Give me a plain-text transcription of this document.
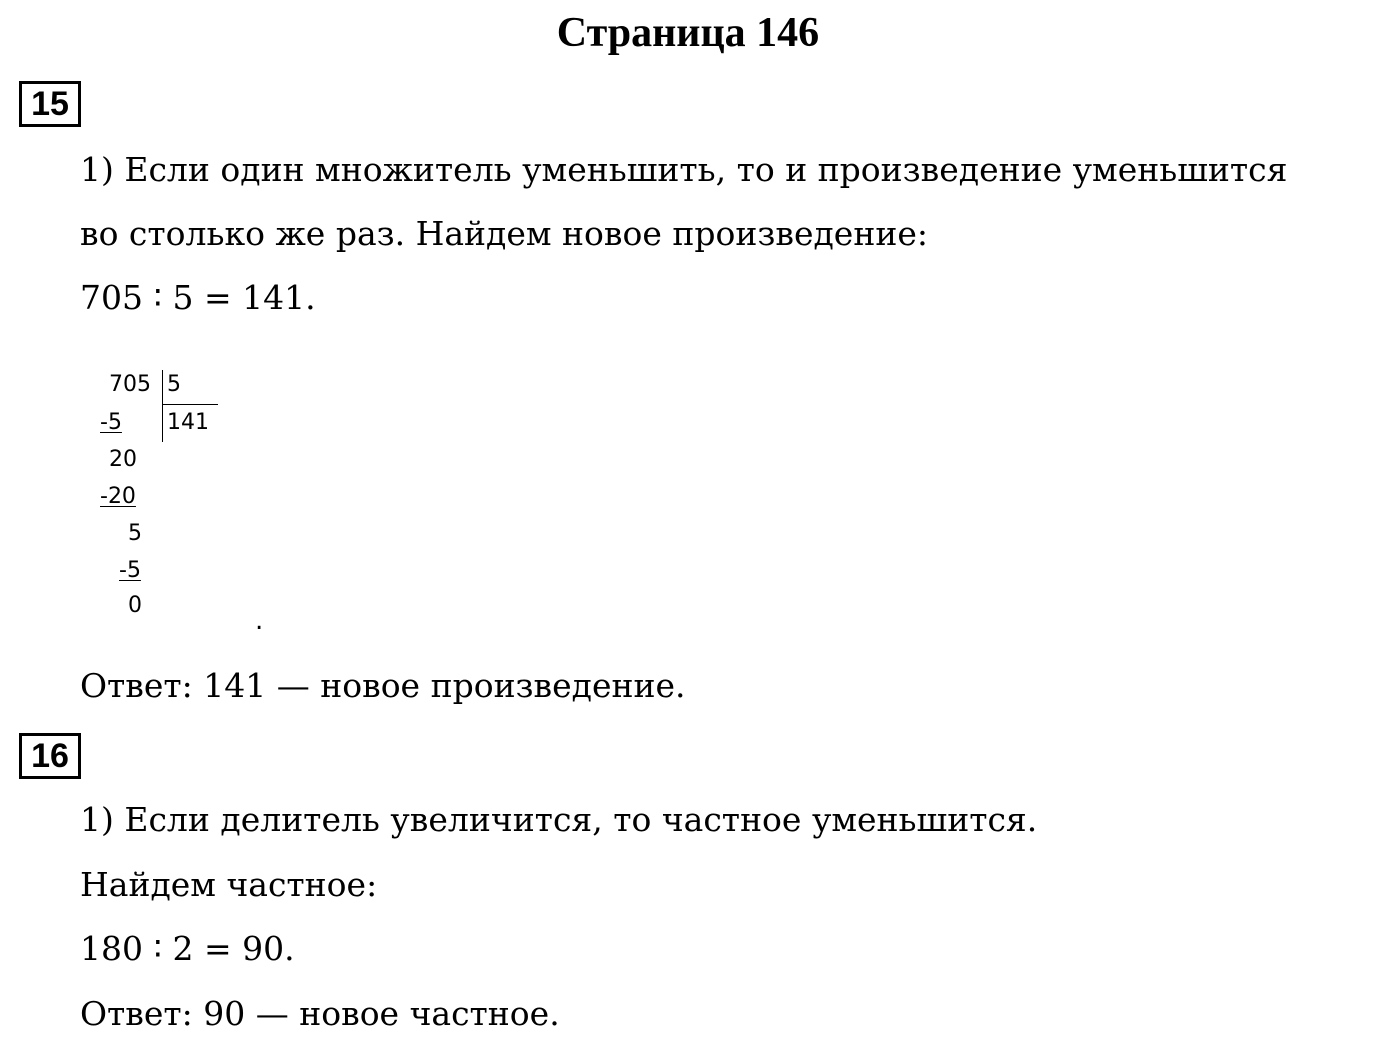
Страница 146
15
1) Если один множитель уменьшить, то и произведение уменьшится
во столько же раз. Найдем новое произведение:
705 ∶ 5 = 141.
705 5
141
-5
20
-20
5
-5
0
.
Ответ: 141 — новое произведение.
16
1) Если делитель увеличится, то частное уменьшится.
Найдем частное:
180 ∶ 2 = 90.
Ответ: 90 — новое частное.
